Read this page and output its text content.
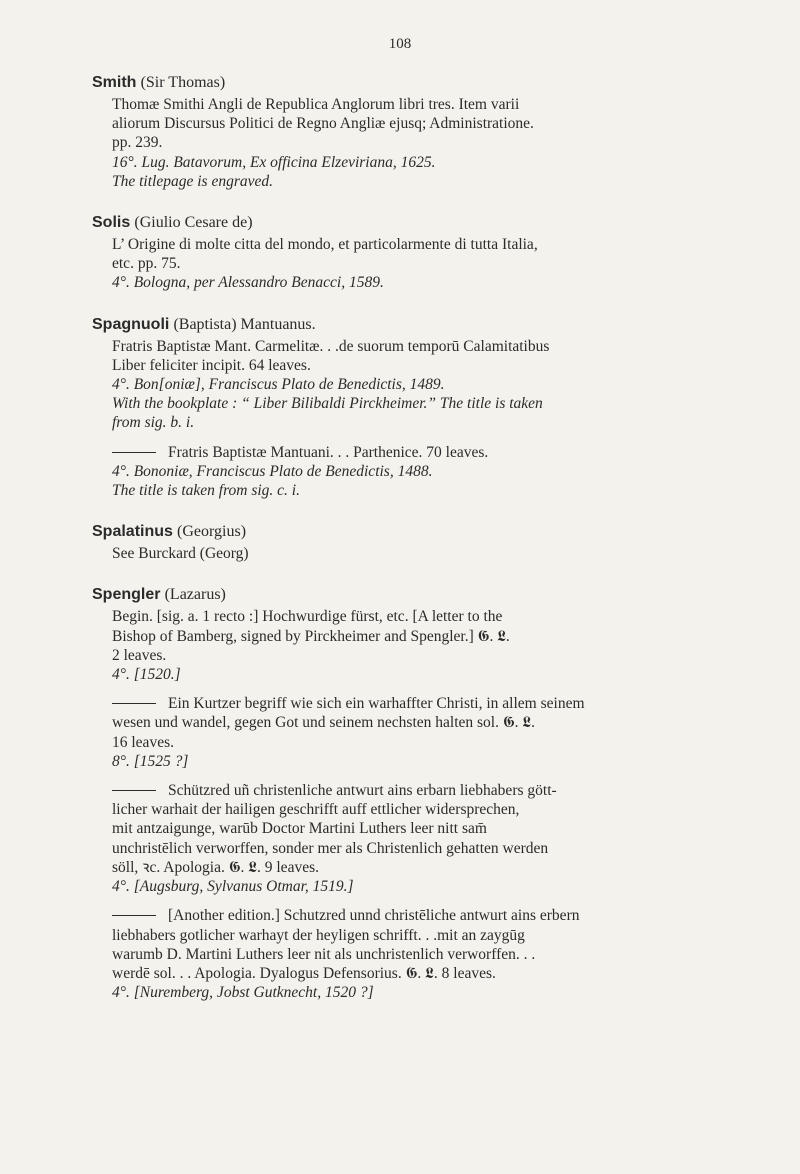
108
Smith (Sir Thomas)
Thomæ Smithi Angli de Republica Anglorum libri tres. Item varii
aliorum Discursus Politici de Regno Angliæ ejusq; Administratione.
pp. 239.
16°. Lug. Batavorum, Ex officina Elzeviriana, 1625.
The titlepage is engraved.
Solis (Giulio Cesare de)
L’ Origine di molte citta del mondo, et particolarmente di tutta Italia,
etc. pp. 75.
4°. Bologna, per Alessandro Benacci, 1589.
Spagnuoli (Baptista) Mantuanus.
Fratris Baptistæ Mant. Carmelitæ. . .de suorum temporū Calamitatibus
Liber feliciter incipit. 64 leaves.
4°. Bon[oniæ], Franciscus Plato de Benedictis, 1489.
With the bookplate : “ Liber Bilibaldi Pirckheimer.” The title is taken
from sig. b. i.
Fratris Baptistæ Mantuani. . . Parthenice. 70 leaves.
4°. Bononiæ, Franciscus Plato de Benedictis, 1488.
The title is taken from sig. c. i.
Spalatinus (Georgius)
See Burckard (Georg)
Spengler (Lazarus)
Begin. [sig. a. 1 recto :] Hochwurdige fürst, etc. [A letter to the
Bishop of Bamberg, signed by Pirckheimer and Spengler.] 𝕲. 𝕷.
2 leaves.
4°. [1520.]
Ein Kurtzer begriff wie sich ein warhaffter Christi, in allem seinem
wesen und wandel, gegen Got und seinem nechsten halten sol. 𝕲. 𝕷.
16 leaves.
8°. [1525 ?]
Schützred uñ christenliche antwurt ains erbarn liebhabers gött-
licher warhait der hailigen geschrifft auff ettlicher widersprechen,
mit antzaigunge, warūb Doctor Martini Luthers leer nitt sam̄
unchristēlich verworffen, sonder mer als Christenlich gehatten werden
söll, ꝛc. Apologia. 𝕲. 𝕷. 9 leaves.
4°. [Augsburg, Sylvanus Otmar, 1519.]
[Another edition.] Schutzred unnd christēliche antwurt ains erbern
liebhabers gotlicher warhayt der heyligen schrifft. . .mit an zaygūg
warumb D. Martini Luthers leer nit als unchristenlich verworffen. . .
werdē sol. . . Apologia. Dyalogus Defensorius. 𝕲. 𝕷. 8 leaves.
4°. [Nuremberg, Jobst Gutknecht, 1520 ?]
